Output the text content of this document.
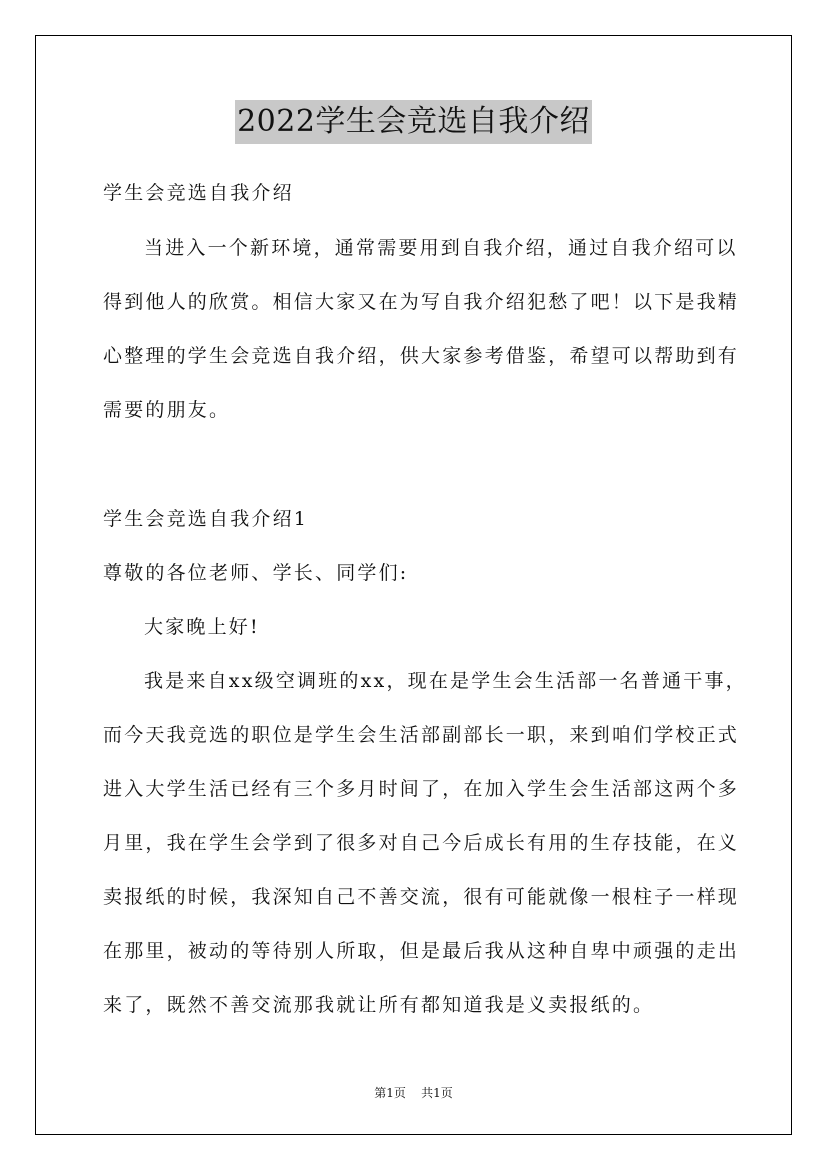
2022学生会竞选自我介绍
学生会竞选自我介绍
当进入一个新环境，通常需要用到自我介绍，通过自我介绍可以
得到他人的欣赏。相信大家又在为写自我介绍犯愁了吧！以下是我精
心整理的学生会竞选自我介绍，供大家参考借鉴，希望可以帮助到有
需要的朋友。
学生会竞选自我介绍1
尊敬的各位老师、学长、同学们:
大家晚上好!
我是来自xx级空调班的xx，现在是学生会生活部一名普通干事，
而今天我竞选的职位是学生会生活部副部长一职，来到咱们学校正式
进入大学生活已经有三个多月时间了，在加入学生会生活部这两个多
月里，我在学生会学到了很多对自己今后成长有用的生存技能，在义
卖报纸的时候，我深知自己不善交流，很有可能就像一根柱子一样现
在那里，被动的等待别人所取，但是最后我从这种自卑中顽强的走出
来了，既然不善交流那我就让所有都知道我是义卖报纸的。
第1页 共1页
